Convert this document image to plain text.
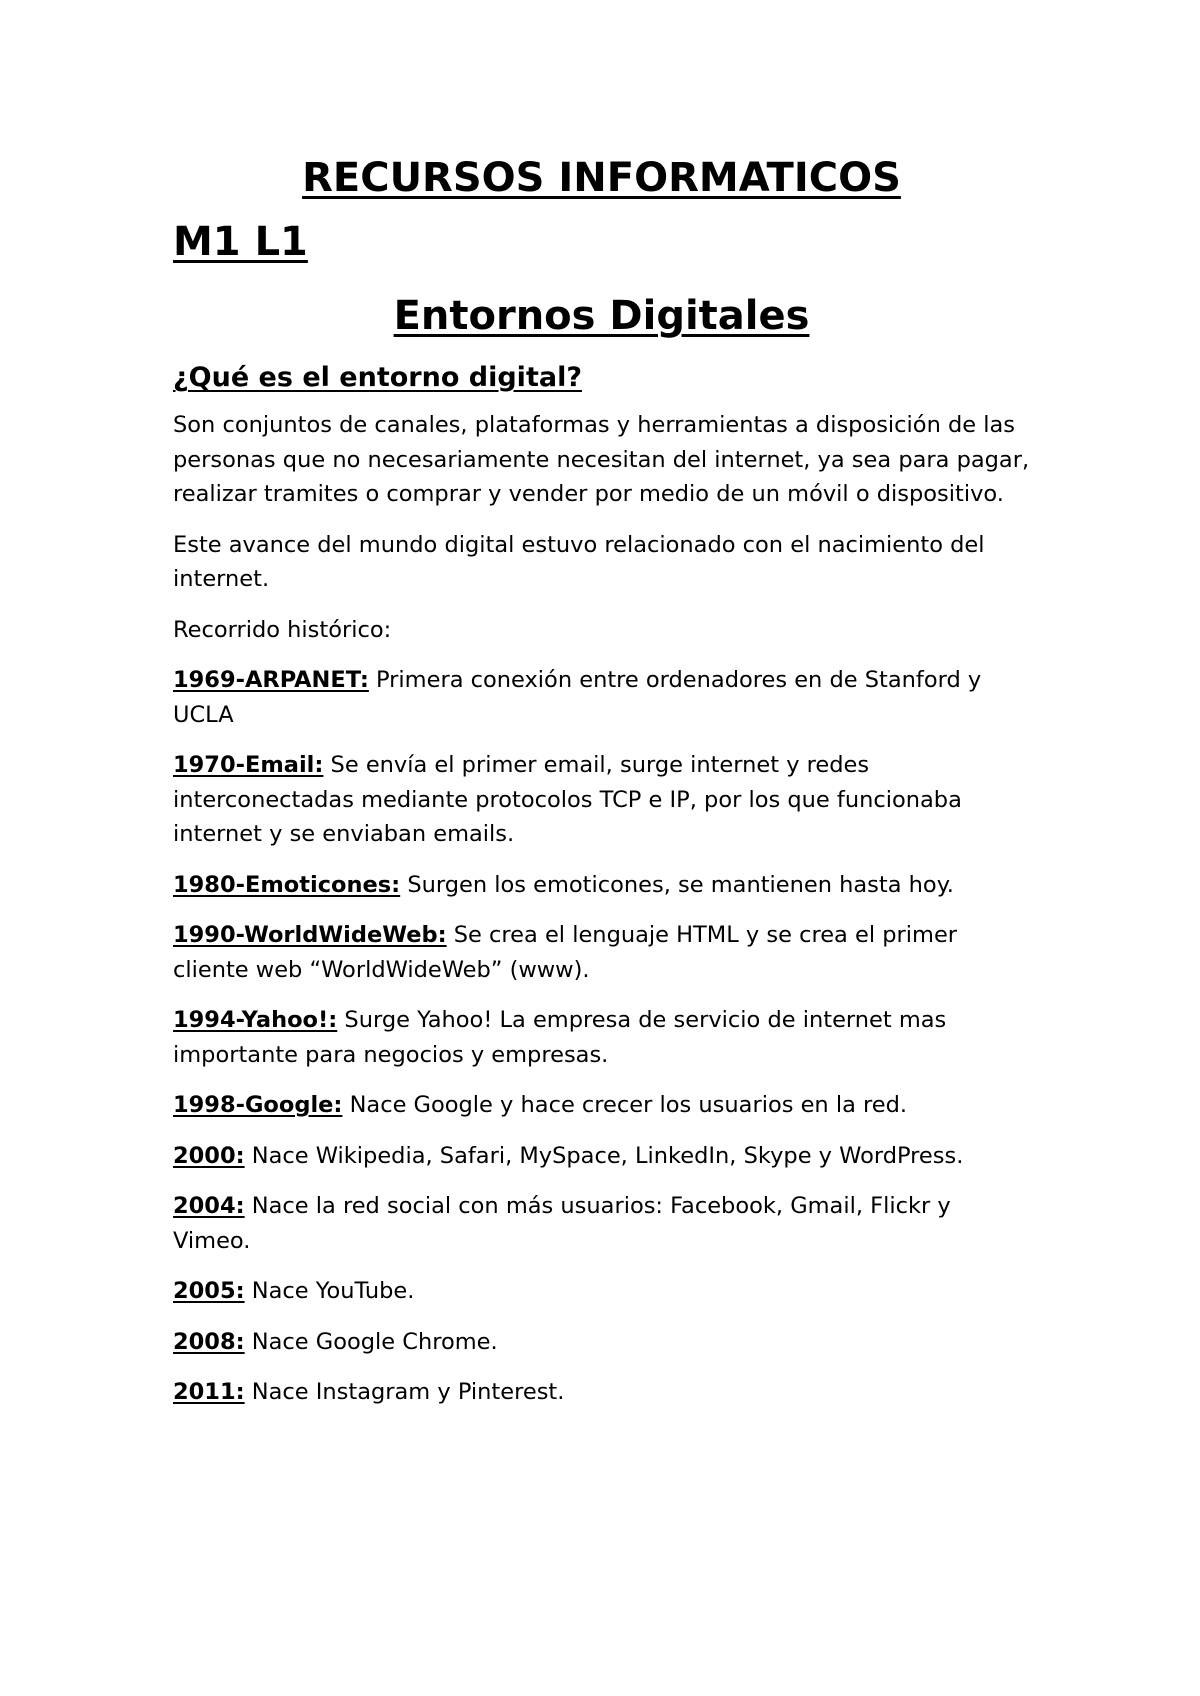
RECURSOS INFORMATICOS
M1 L1
Entornos Digitales
¿Qué es el entorno digital?

Son conjuntos de canales, plataformas y herramientas a disposición de las personas que no necesariamente necesitan del internet, ya sea para pagar, realizar tramites o comprar y vender por medio de un móvil o dispositivo.

Este avance del mundo digital estuvo relacionado con el nacimiento del internet.

Recorrido histórico:

1969-ARPANET: Primera conexión entre ordenadores en de Stanford y UCLA
1970-Email: Se envía el primer email, surge internet y redes interconectadas mediante protocolos TCP e IP, por los que funcionaba internet y se enviaban emails.
1980-Emoticones: Surgen los emoticones, se mantienen hasta hoy.
1990-WorldWideWeb: Se crea el lenguaje HTML y se crea el primer cliente web “WorldWideWeb” (www).
1994-Yahoo!: Surge Yahoo! La empresa de servicio de internet mas importante para negocios y empresas.
1998-Google: Nace Google y hace crecer los usuarios en la red.
2000: Nace Wikipedia, Safari, MySpace, LinkedIn, Skype y WordPress.
2004: Nace la red social con más usuarios: Facebook, Gmail, Flickr y Vimeo.
2005: Nace YouTube.
2008: Nace Google Chrome.
2011: Nace Instagram y Pinterest.
